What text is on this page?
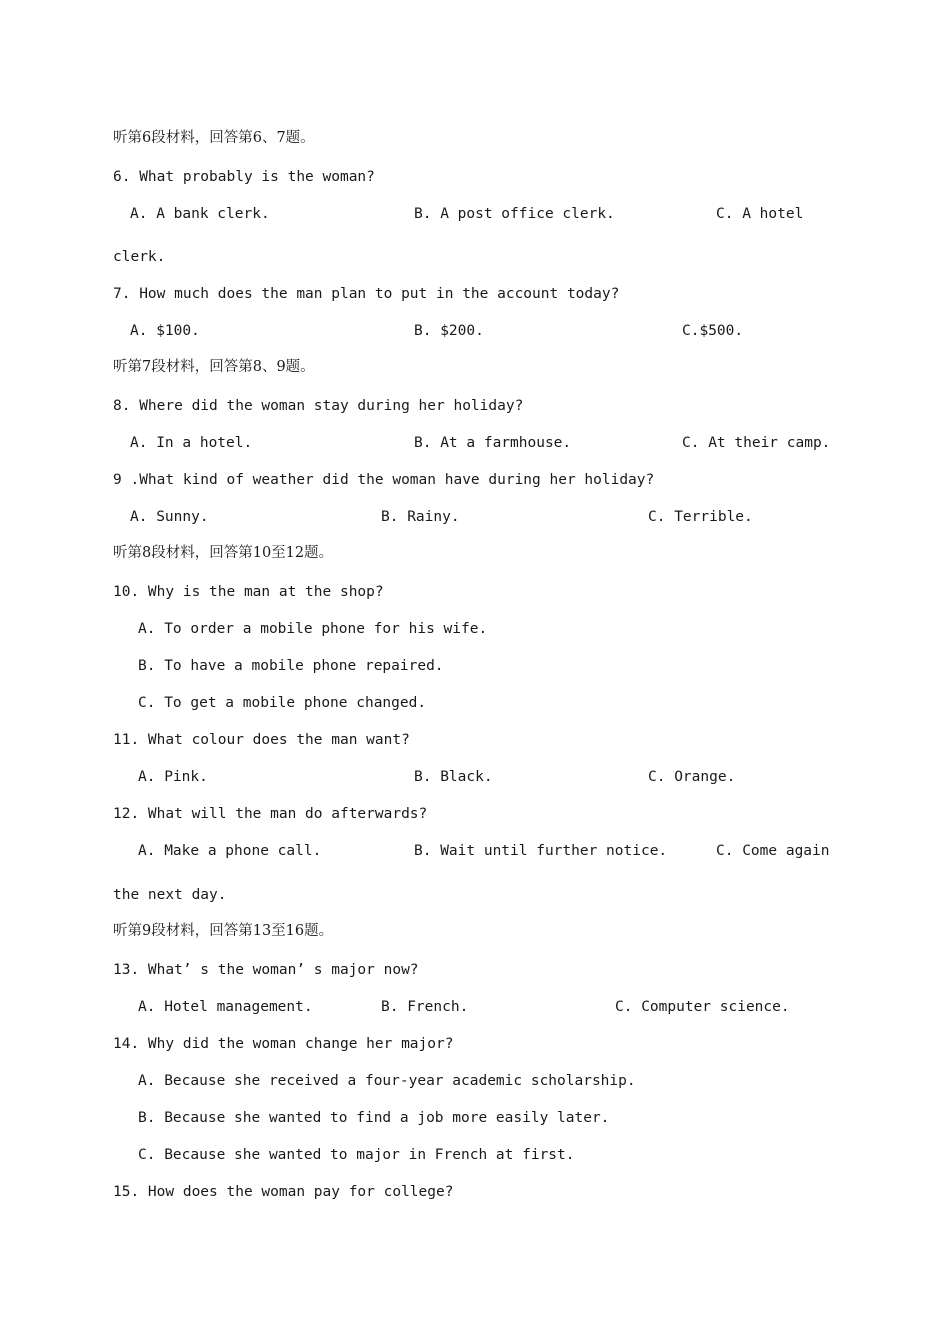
听第6段材料，回答第6、7题。
6. What probably is the woman?
A. A bank clerk.	B. A post office clerk.	C. A hotel
clerk.
7. How much does the man plan to put in the account today?
A. $100.	B. $200.	C.$500.
听第7段材料，回答第8、9题。
8. Where did the woman stay during her holiday?
A. In a hotel.	B. At a farmhouse.	C. At their camp.
9 .What kind of weather did the woman have during her holiday?
A. Sunny.	B. Rainy.	C. Terrible.
听第8段材料，回答第10至12题。
10. Why is the man at the shop?
A. To order a mobile phone for his wife.
B. To have a mobile phone repaired.
C. To get a mobile phone changed.
11. What colour does the man want?
A. Pink.	B. Black.	C. Orange.
12. What will the man do afterwards?
A. Make a phone call.	B. Wait until further notice.	C. Come again
the next day.
听第9段材料，回答第13至16题。
13. What’ s the woman’ s major now?
A. Hotel management.	B. French.	C. Computer science.
14. Why did the woman change her major?
A. Because she received a four-year academic scholarship.
B. Because she wanted to find a job more easily later.
C. Because she wanted to major in French at first.
15. How does the woman pay for college?
